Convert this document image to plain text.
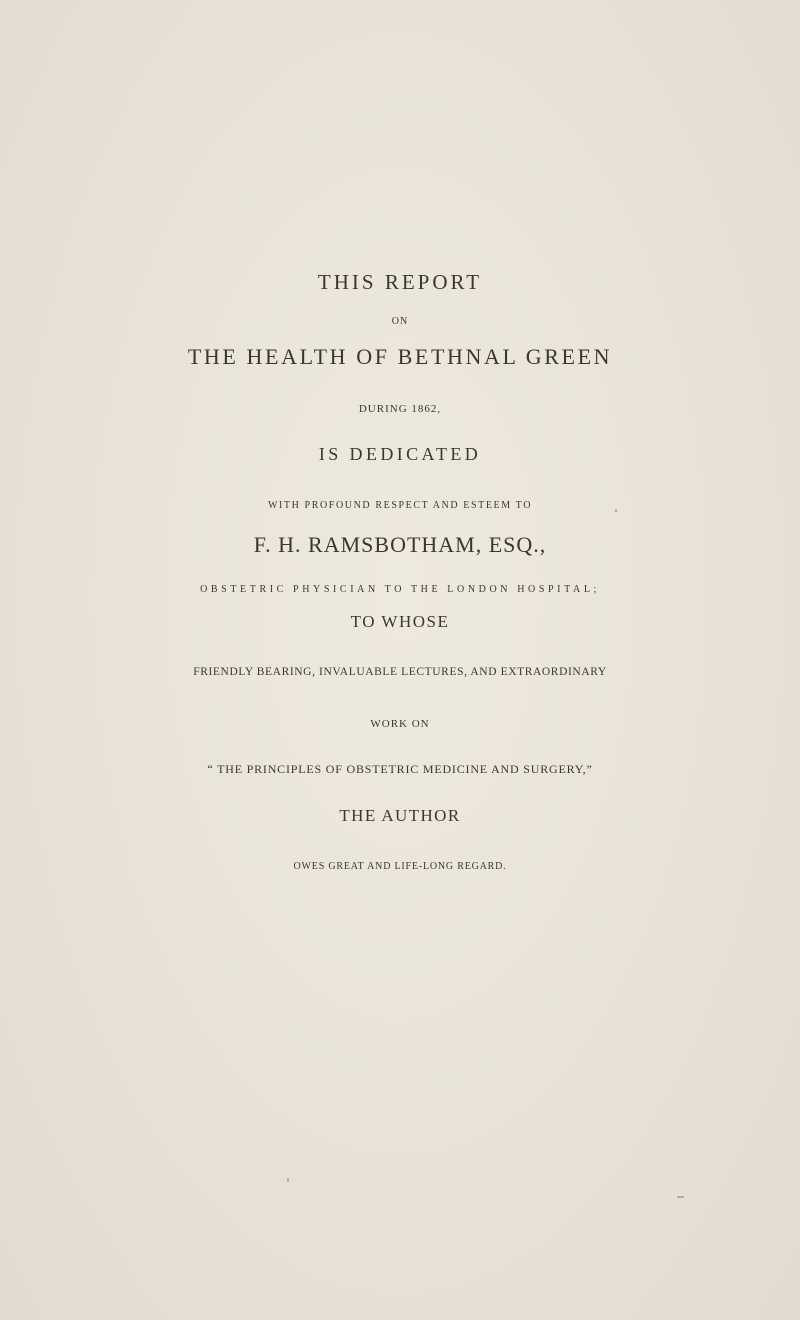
THIS REPORT
ON
THE HEALTH OF BETHNAL GREEN
DURING 1862,
IS DEDICATED
WITH PROFOUND RESPECT AND ESTEEM TO
F. H. RAMSBOTHAM, ESQ.,
OBSTETRIC PHYSICIAN TO THE LONDON HOSPITAL;
TO WHOSE
FRIENDLY BEARING, INVALUABLE LECTURES, AND EXTRAORDINARY
WORK ON
“ THE PRINCIPLES OF OBSTETRIC MEDICINE AND SURGERY,”
THE AUTHOR
OWES GREAT AND LIFE-LONG REGARD.
